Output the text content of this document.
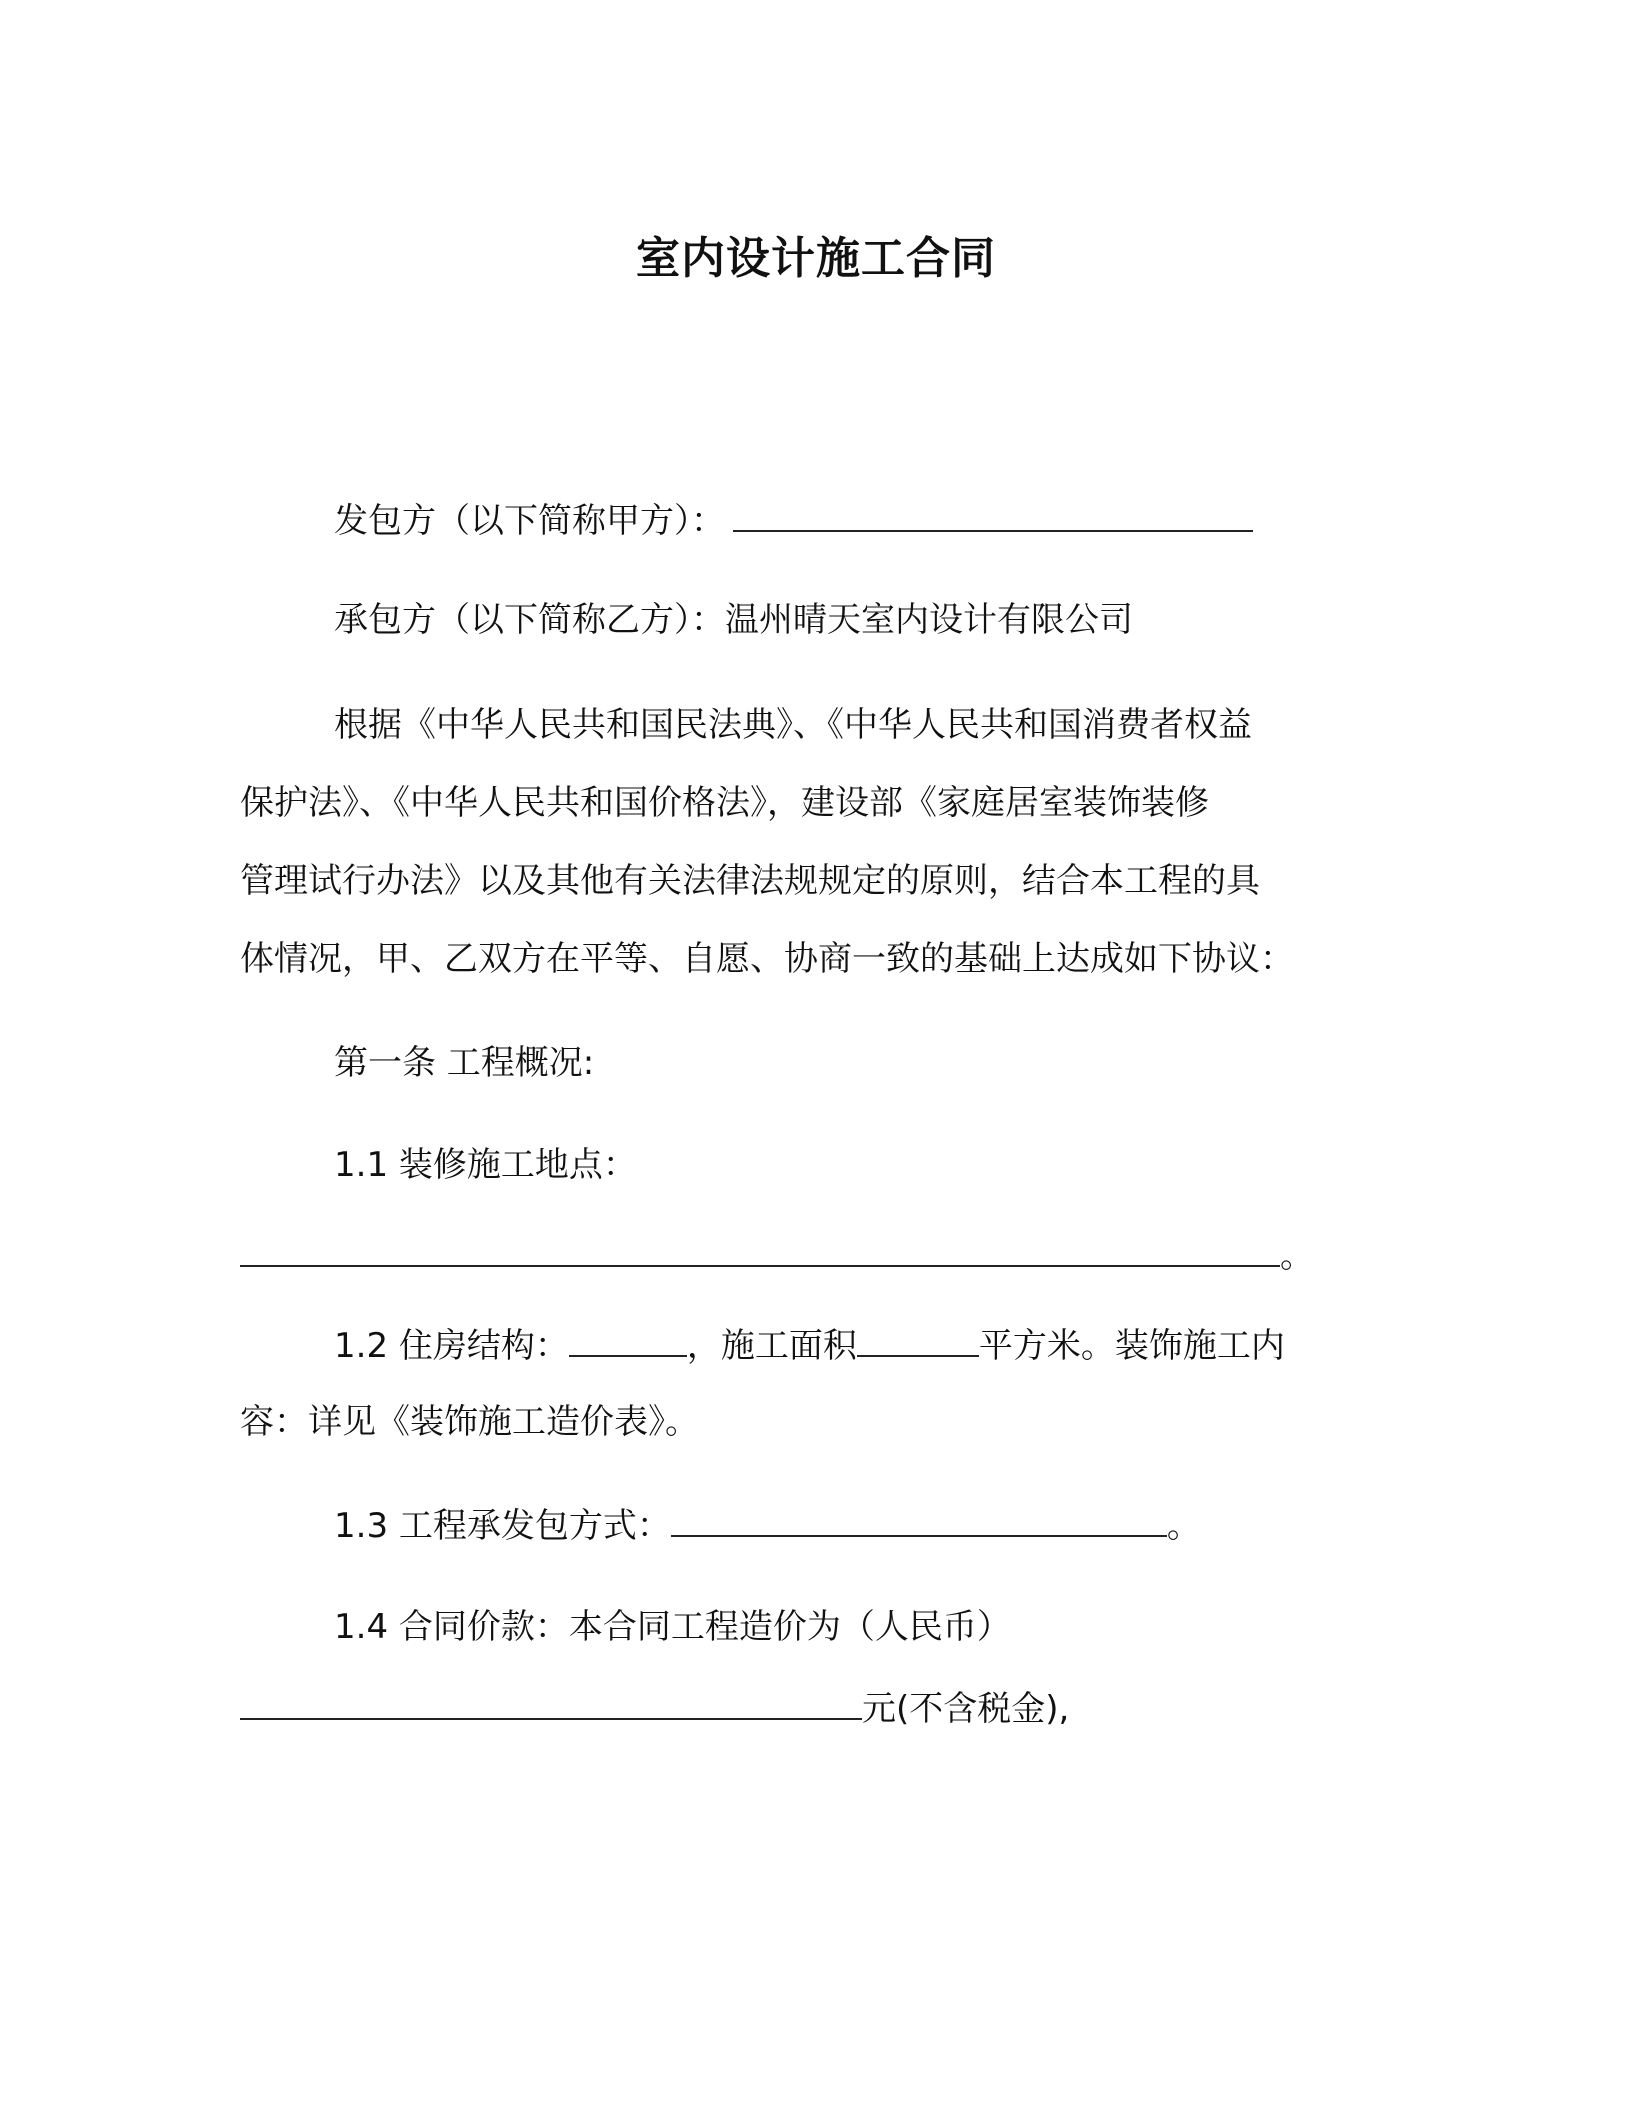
室内设计施工合同
发包方（以下简称甲方）：
承包方（以下简称乙方）：温州晴天室内设计有限公司
根据《中华人民共和国民法典》、《中华人民共和国消费者权益
保护法》、《中华人民共和国价格法》，建设部《家庭居室装饰装修
管理试行办法》以及其他有关法律法规规定的原则，结合本工程的具
体情况，甲、乙双方在平等、自愿、协商一致的基础上达成如下协议：
第一条 工程概况:
1.1 装修施工地点：
。
1.2 住房结构：	，施工面积	平方米。装饰施工内
容：详见《装饰施工造价表》。
1.3 工程承发包方式：	。
1.4 合同价款：本合同工程造价为（人民币）
元(不含税金),
